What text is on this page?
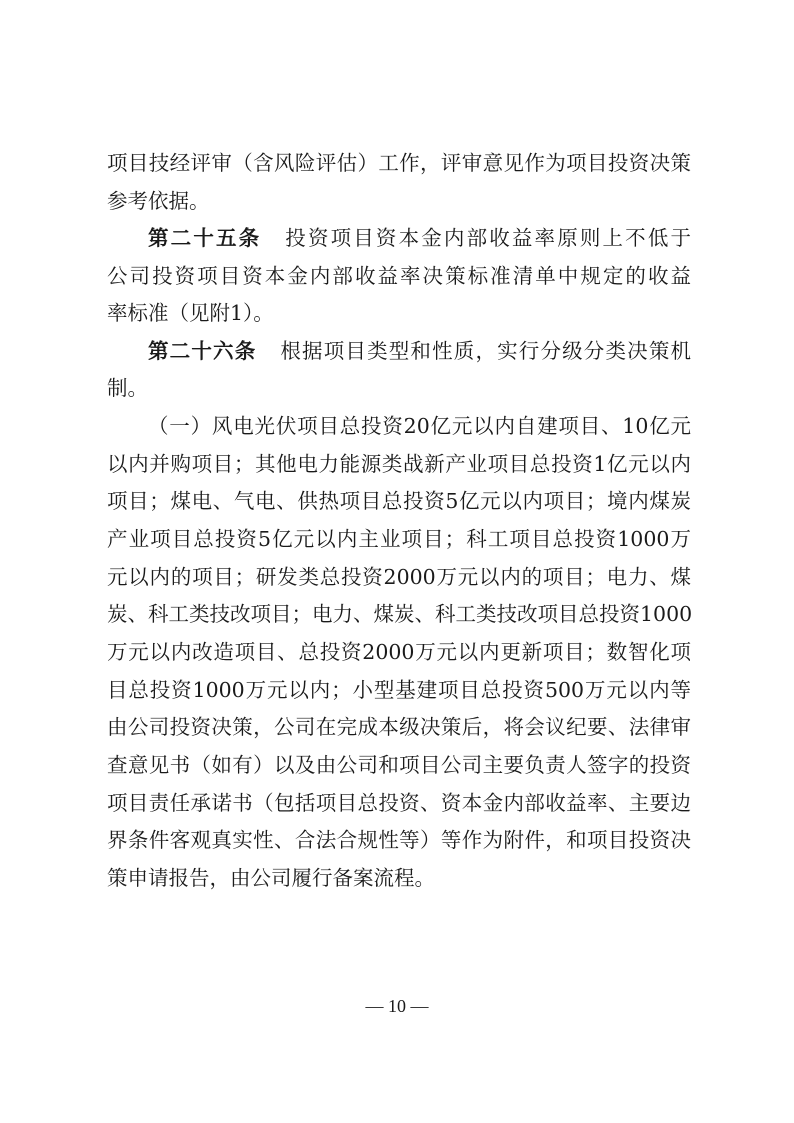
项目技经评审（含风险评估）工作，评审意见作为项目投资决策
参考依据。
第二十五条 投资项目资本金内部收益率原则上不低于
公司投资项目资本金内部收益率决策标准清单中规定的收益
率标准（见附1）。
第二十六条 根据项目类型和性质，实行分级分类决策机
制。
（一）风电光伏项目总投资20亿元以内自建项目、10亿元
以内并购项目；其他电力能源类战新产业项目总投资1亿元以内
项目；煤电、气电、供热项目总投资5亿元以内项目；境内煤炭
产业项目总投资5亿元以内主业项目；科工项目总投资1000万
元以内的项目；研发类总投资2000万元以内的项目；电力、煤
炭、科工类技改项目；电力、煤炭、科工类技改项目总投资1000
万元以内改造项目、总投资2000万元以内更新项目；数智化项
目总投资1000万元以内；小型基建项目总投资500万元以内等
由公司投资决策，公司在完成本级决策后，将会议纪要、法律审
查意见书（如有）以及由公司和项目公司主要负责人签字的投资
项目责任承诺书（包括项目总投资、资本金内部收益率、主要边
界条件客观真实性、合法合规性等）等作为附件，和项目投资决
策申请报告，由公司履行备案流程。
— 10 —
